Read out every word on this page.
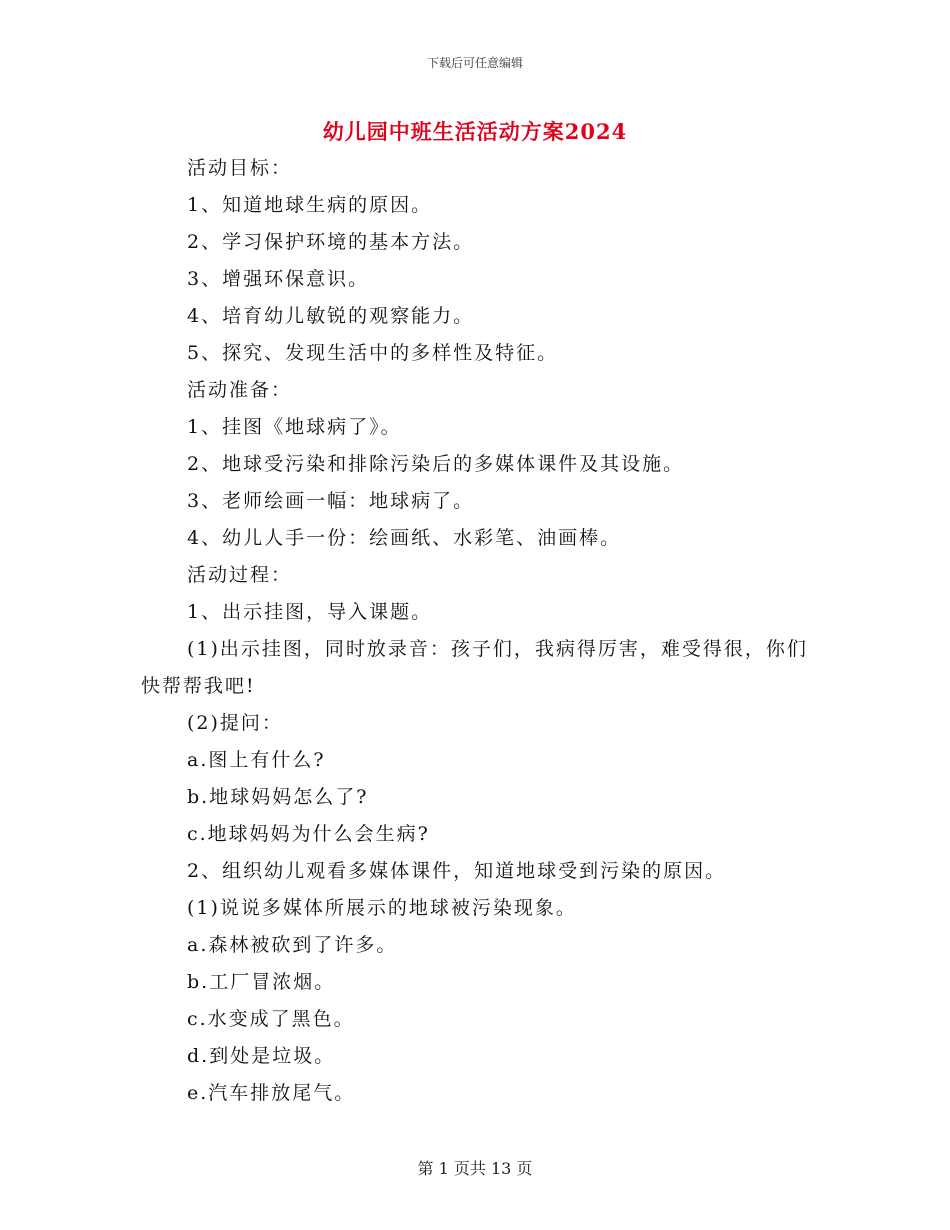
下载后可任意编辑
幼儿园中班生活活动方案2024
活动目标：
1、知道地球生病的原因。
2、学习保护环境的基本方法。
3、增强环保意识。
4、培育幼儿敏锐的观察能力。
5、探究、发现生活中的多样性及特征。
活动准备：
1、挂图《地球病了》。
2、地球受污染和排除污染后的多媒体课件及其设施。
3、老师绘画一幅：地球病了。
4、幼儿人手一份：绘画纸、水彩笔、油画棒。
活动过程：
1、出示挂图，导入课题。
(1)出示挂图，同时放录音：孩子们，我病得厉害，难受得很，你们快帮帮我吧!
(2)提问：
a.图上有什么?
b.地球妈妈怎么了?
c.地球妈妈为什么会生病?
2、组织幼儿观看多媒体课件，知道地球受到污染的原因。
(1)说说多媒体所展示的地球被污染现象。
a.森林被砍到了许多。
b.工厂冒浓烟。
c.水变成了黑色。
d.到处是垃圾。
e.汽车排放尾气。
第 1 页共 13 页
